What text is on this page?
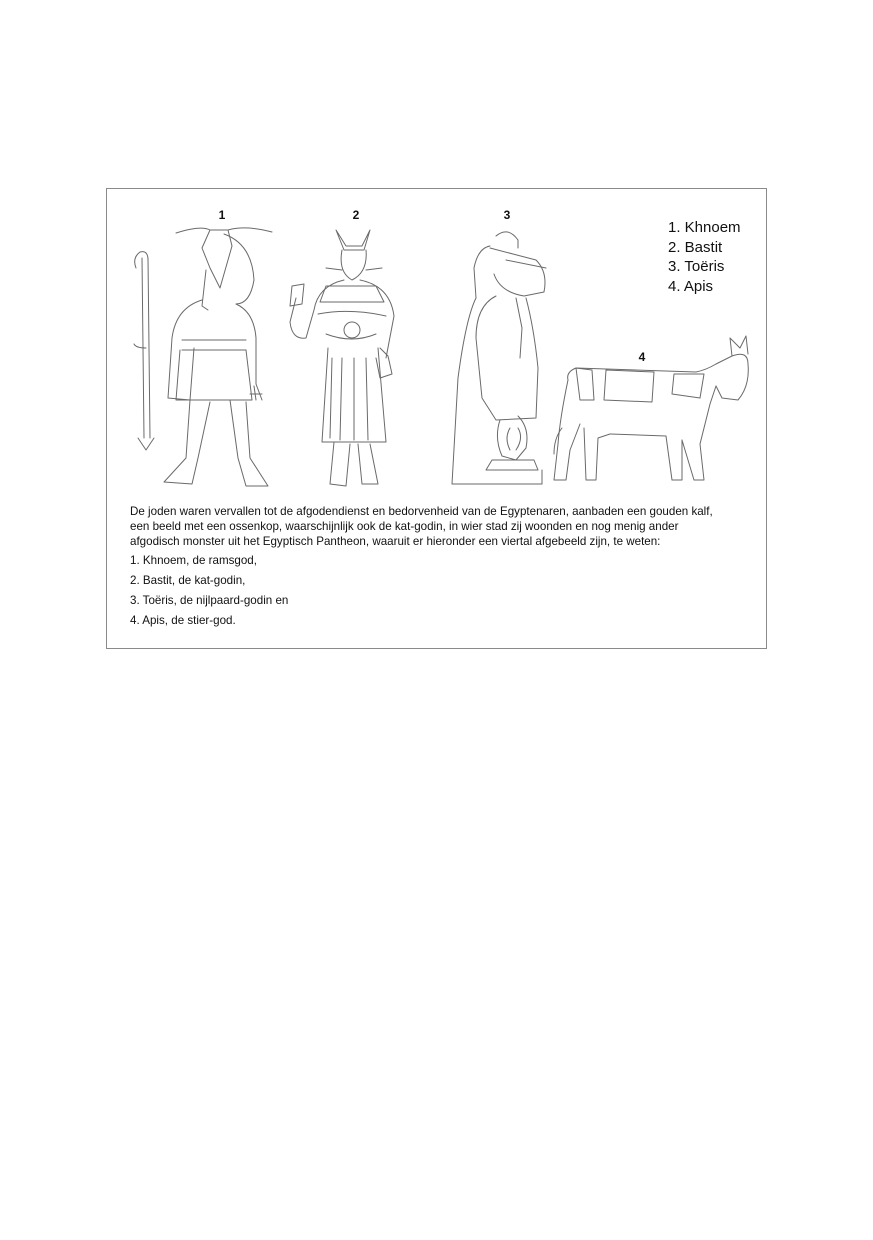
1	2	3
4
1. Khnoem
2. Bastit
3. Toëris
4. Apis

De joden waren vervallen tot de afgodendienst en bedorvenheid van de Egyptenaren, aanbaden een gouden kalf,

een beeld met een ossenkop, waarschijnlijk ook de kat-godin, in wier stad zij woonden en nog menig ander

afgodisch monster uit het Egyptisch Pantheon, waaruit er hieronder een viertal afgebeeld zijn, te weten:

1. Khnoem, de ramsgod,

2. Bastit, de kat-godin,

3. Toëris, de nijlpaard-godin en

4. Apis, de stier-god.
